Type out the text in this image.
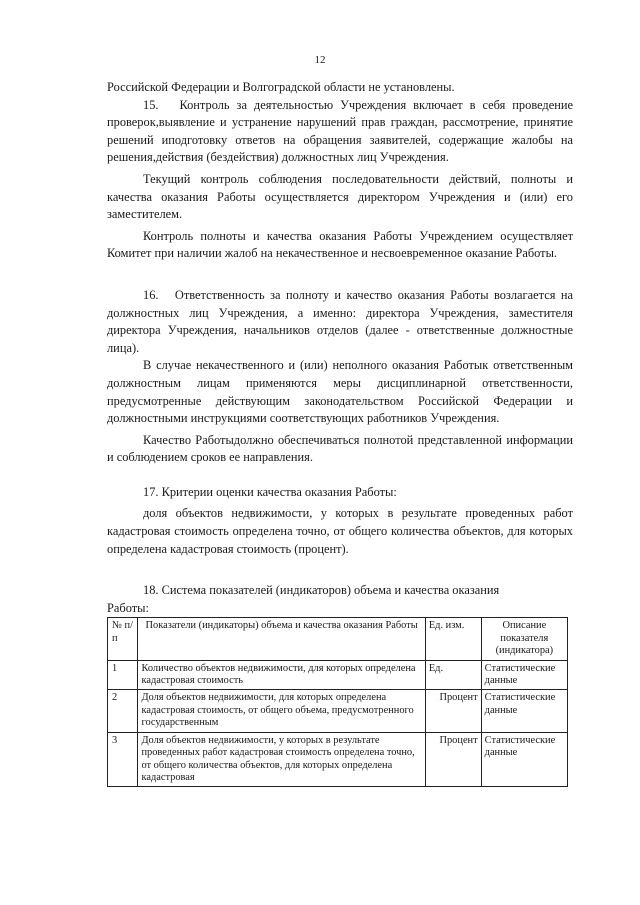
12

Российской Федерации и Волгоградской области не установлены.

15.   Контроль за деятельностью Учреждения включает в себя проведение проверок,выявление и устранение нарушений прав граждан, рассмотрение, принятие решений иподготовку ответов на обращения заявителей, содержащие жалобы на решения,действия (бездействия) должностных лиц Учреждения.

Текущий контроль соблюдения последовательности действий, полноты и качества оказания Работы осуществляется директором Учреждения и (или) его заместителем.

Контроль полноты и качества оказания Работы Учреждением осуществляет Комитет при наличии жалоб на некачественное и несвоевременное оказание Работы.

16.   Ответственность за полноту и качество оказания Работы возлагается на должностных лиц Учреждения, а именно: директора Учреждения, заместителя директора Учреждения, начальников отделов (далее - ответственные должностные лица).

В случае некачественного и (или) неполного оказания Работык ответственным должностным лицам применяются меры дисциплинарной ответственности, предусмотренные действующим законодательством Российской Федерации и должностными инструкциями соответствующих работников Учреждения.

Качество Работыдолжно обеспечиваться полнотой представленной информации и соблюдением сроков ее направления.

17. Критерии оценки качества оказания Работы:

доля объектов недвижимости, у которых в результате проведенных работ кадастровая стоимость определена точно, от общего количества объектов, для которых определена кадастровая стоимость (процент).

18. Система показателей (индикаторов) объема и качества оказания

Работы:

№ п/п	Показатели (индикаторы) объема и качества оказания Работы	Ед. изм.	Описание показателя (индикатора)
1	Количество объектов недвижимости, для которых определена кадастровая стоимость	Ед.	Статистические данные
2	Доля объектов недвижимости, для которых определена кадастровая стоимость, от общего объема, предусмотренного государственным	Процент	Статистические данные
3	Доля объектов недвижимости, у которых в результате проведенных работ кадастровая стоимость определена точно, от общего количества объектов, для которых определена кадастровая	Процент	Статистические данные
